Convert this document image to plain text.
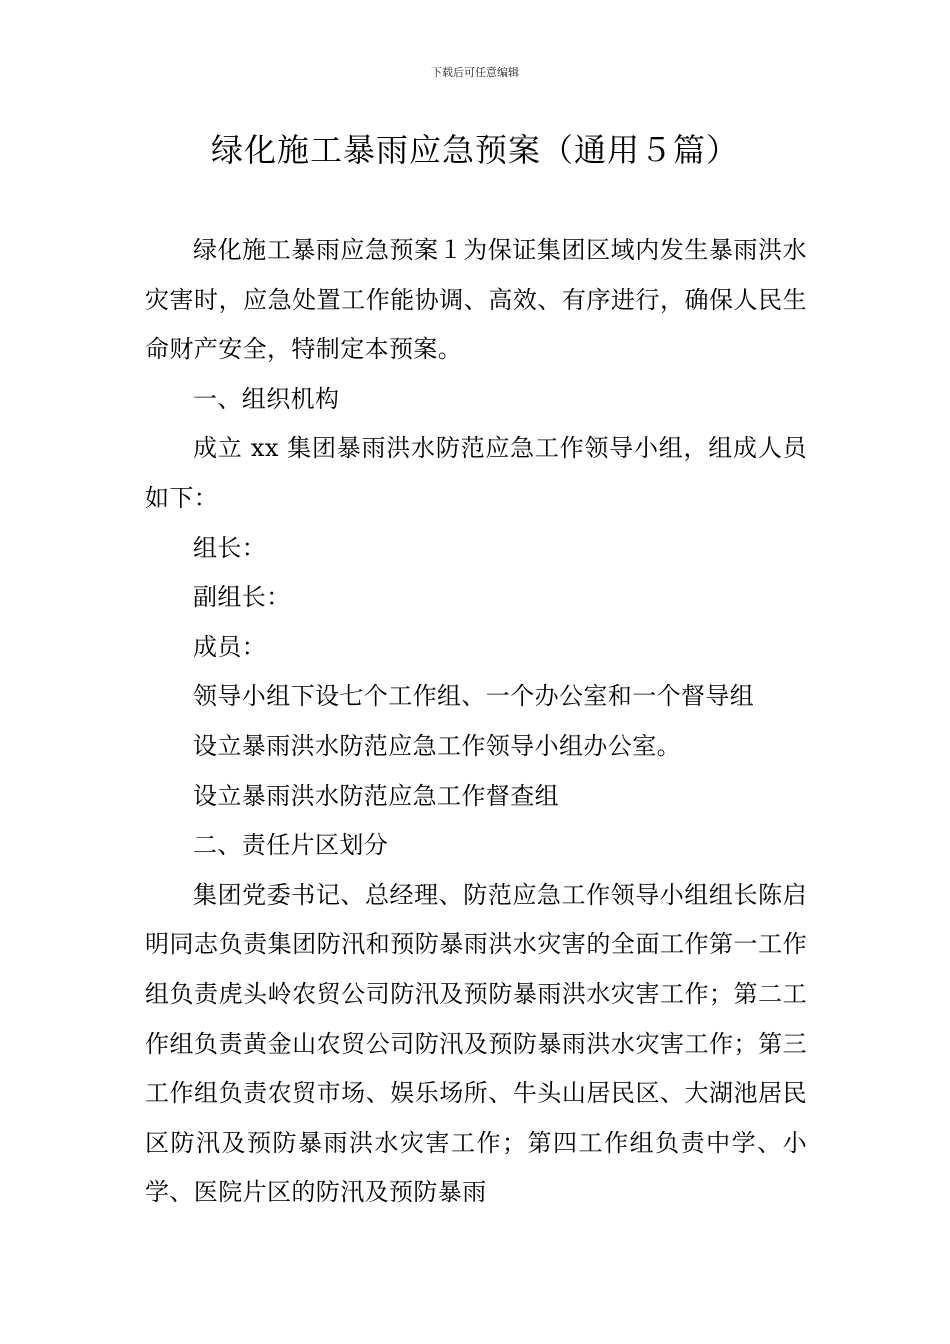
下载后可任意编辑
绿化施工暴雨应急预案（通用５篇）

绿化施工暴雨应急预案１为保证集团区域内发生暴雨洪水灾害时，应急处置工作能协调、高效、有序进行，确保人民生命财产安全，特制定本预案。

一、组织机构

成立 xx 集团暴雨洪水防范应急工作领导小组，组成人员如下：

组长：

副组长：

成员：

领导小组下设七个工作组、一个办公室和一个督导组

设立暴雨洪水防范应急工作领导小组办公室。

设立暴雨洪水防范应急工作督查组

二、责任片区划分

集团党委书记、总经理、防范应急工作领导小组组长陈启明同志负责集团防汛和预防暴雨洪水灾害的全面工作第一工作组负责虎头岭农贸公司防汛及预防暴雨洪水灾害工作；第二工作组负责黄金山农贸公司防汛及预防暴雨洪水灾害工作；第三工作组负责农贸市场、娱乐场所、牛头山居民区、大湖池居民区防汛及预防暴雨洪水灾害工作；第四工作组负责中学、小学、医院片区的防汛及预防暴雨
